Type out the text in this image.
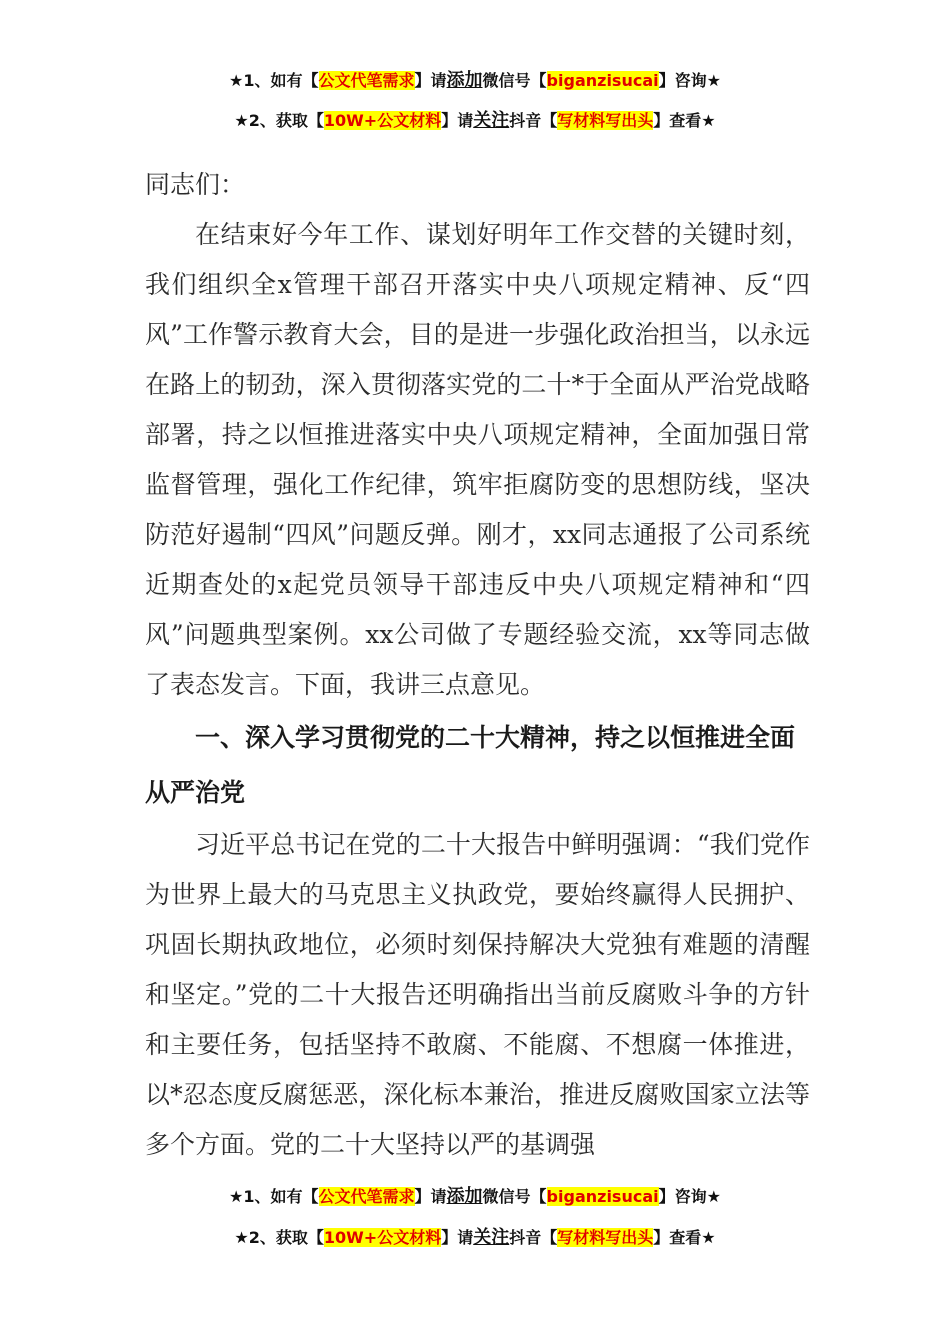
★1、如有【公文代笔需求】请添加微信号【biganzisucai】咨询★
★2、获取【10W+公文材料】请关注抖音【写材料写出头】查看★

同志们：

在结束好今年工作、谋划好明年工作交替的关键时刻，我们组织全x管理干部召开落实中央八项规定精神、反“四风”工作警示教育大会，目的是进一步强化政治担当，以永远在路上的韧劲，深入贯彻落实党的二十*于全面从严治党战略部署，持之以恒推进落实中央八项规定精神，全面加强日常监督管理，强化工作纪律，筑牢拒腐防变的思想防线，坚决防范好遏制“四风”问题反弹。刚才，xx同志通报了公司系统近期查处的x起党员领导干部违反中央八项规定精神和“四风”问题典型案例。xx公司做了专题经验交流，xx等同志做了表态发言。下面，我讲三点意见。

一、深入学习贯彻党的二十大精神，持之以恒推进全面从严治党

习近平总书记在党的二十大报告中鲜明强调：“我们党作为世界上最大的马克思主义执政党，要始终赢得人民拥护、巩固长期执政地位，必须时刻保持解决大党独有难题的清醒和坚定。”党的二十大报告还明确指出当前反腐败斗争的方针和主要任务，包括坚持不敢腐、不能腐、不想腐一体推进，以*忍态度反腐惩恶，深化标本兼治，推进反腐败国家立法等多个方面。党的二十大坚持以严的基调强

★1、如有【公文代笔需求】请添加微信号【biganzisucai】咨询★
★2、获取【10W+公文材料】请关注抖音【写材料写出头】查看★
